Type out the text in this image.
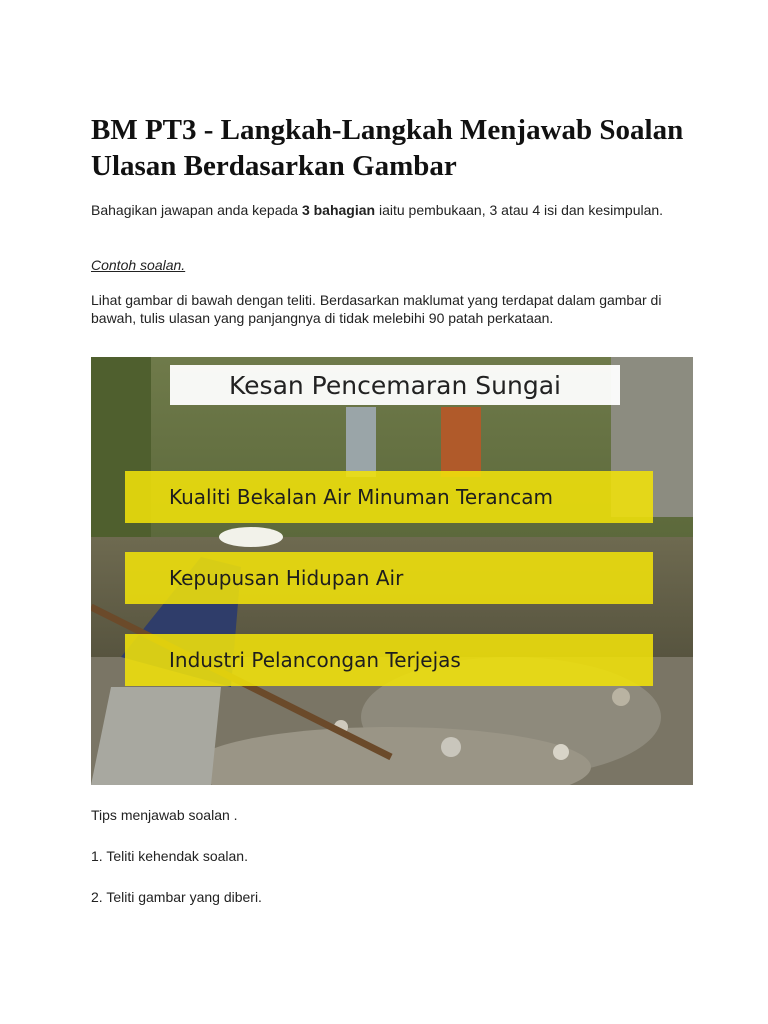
BM PT3 - Langkah-Langkah Menjawab Soalan Ulasan Berdasarkan Gambar

Bahagikan jawapan anda kepada 3 bahagian iaitu pembukaan, 3 atau 4 isi dan kesimpulan.

Contoh soalan.

Lihat gambar di bawah dengan teliti. Berdasarkan maklumat yang terdapat dalam gambar di bawah, tulis ulasan yang panjangnya di tidak melebihi 90 patah perkataan.

Kesan Pencemaran Sungai
Kualiti Bekalan Air Minuman Terancam
Kepupusan Hidupan Air
Industri Pelancongan Terjejas

Tips menjawab soalan .

1. Teliti kehendak soalan.

2. Teliti gambar yang diberi.
